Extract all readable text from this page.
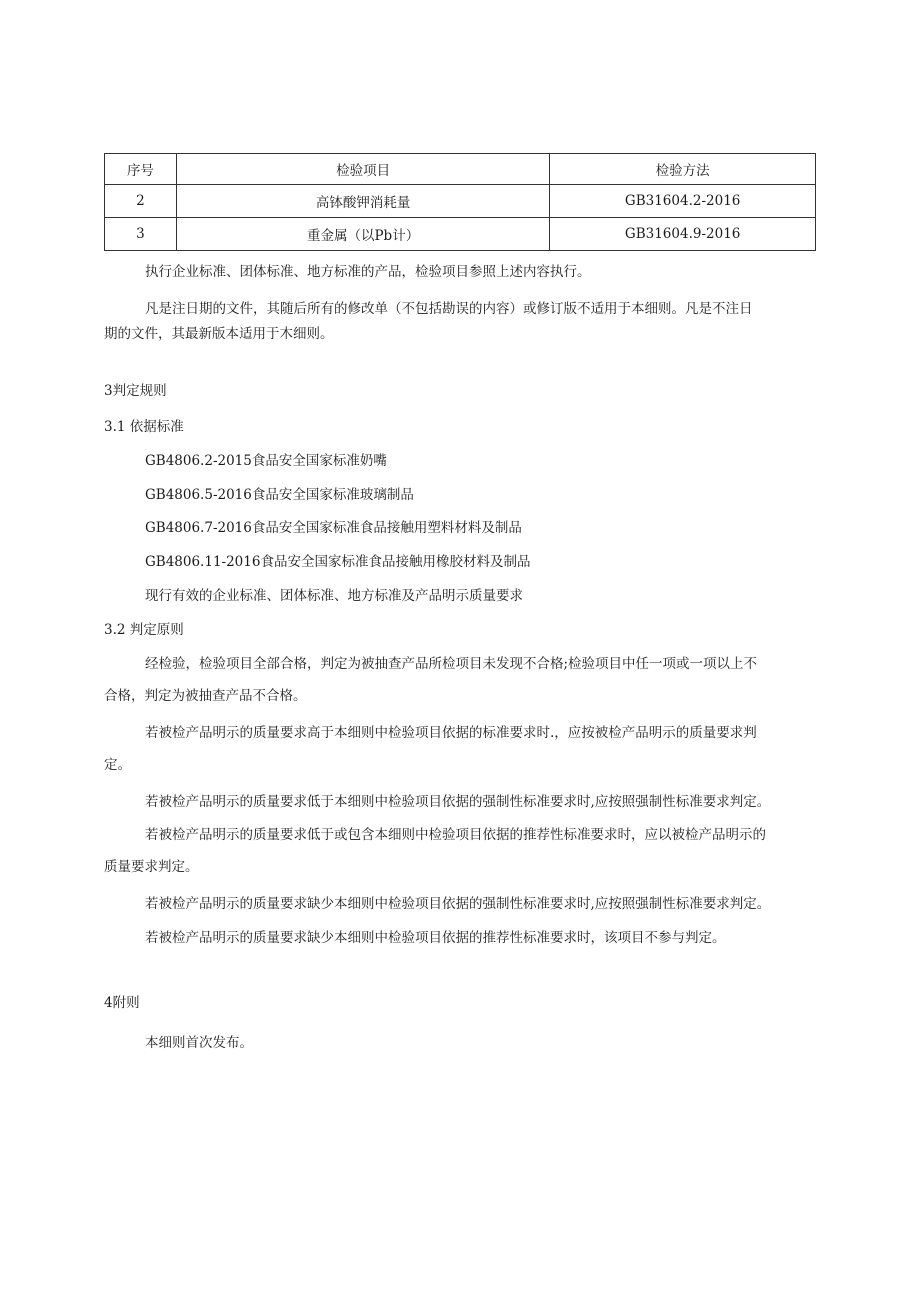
序号	检验项目	检验方法
2	高钵酸钾消耗量	GB31604.2-2016
3	重金属（以Pb计）	GB31604.9-2016
执行企业标准、团体标准、地方标准的产品，检验项目参照上述内容执行。
凡是注日期的文件，其随后所有的修改单（不包括勘误的内容）或修订版不适用于本细则。凡是不注日
期的文件，其最新版本适用于木细则。
3判定规则
3.1 依据标准
GB4806.2-2015食品安全国家标准奶嘴
GB4806.5-2016食品安全国家标准玻璃制品
GB4806.7-2016食品安全国家标准食品接触用塑料材料及制品
GB4806.11-2016食品安全国家标准食品接触用橡胶材料及制品
现行有效的企业标准、团体标准、地方标准及产品明示质量要求
3.2 判定原则
经检验，检验项目全部合格，判定为被抽查产品所检项目未发现不合格;检验项目中任一项或一项以上不
合格，判定为被抽查产品不合格。
若被检产品明示的质量要求高于本细则中检验项目依据的标准要求时.，应按被检产品明示的质量要求判
定。
若被检产品明示的质量要求低于本细则中检验项目依据的强制性标准要求时,应按照强制性标准要求判定。
若被检产品明示的质量要求低于或包含本细则中检验项目依据的推荐性标准要求时，应以被检产品明示的
质量要求判定。
若被检产品明示的质量要求缺少本细则中检验项目依据的强制性标准要求时,应按照强制性标准要求判定。
若被检产品明示的质量要求缺少本细则中检验项目依据的推荐性标准要求时，该项目不参与判定。
4附则
本细则首次发布。
